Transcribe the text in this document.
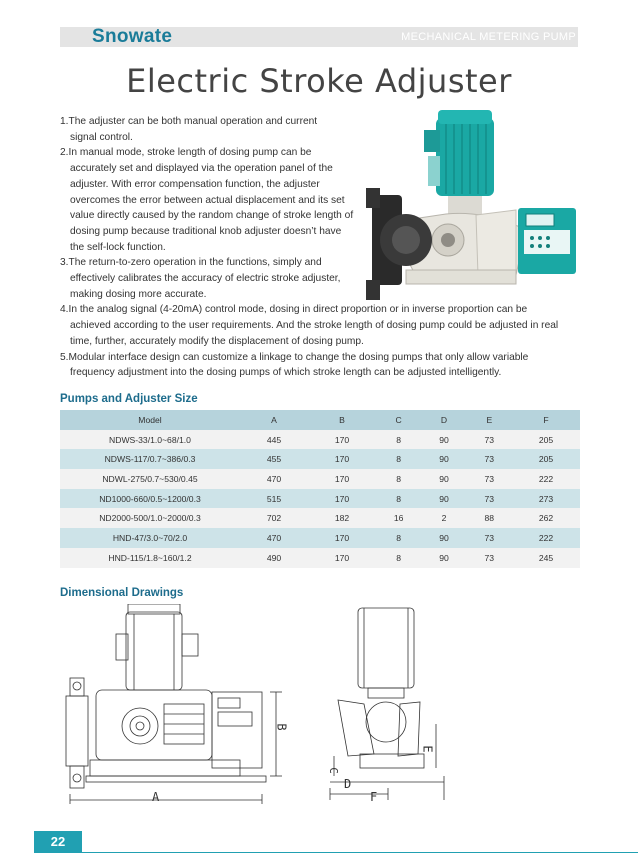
Snowate	MECHANICAL METERING PUMP
Electric Stroke Adjuster

1.The adjuster can be both manual operation and current signal control.

2.In manual mode, stroke length of dosing pump can be accurately set and displayed via the operation panel of the adjuster. With error compensation function, the adjuster overcomes the error between actual displacement and its set value directly caused by the random change of stroke length of dosing pump because traditional knob adjuster doesn’t have the self-lock function.

3.The return-to-zero operation in the functions, simply and effectively calibrates the accuracy of electric stroke adjuster, making dosing more accurate.

4.In the analog signal (4-20mA) control mode, dosing in direct proportion or in inverse proportion can be achieved according to the user requirements. And the stroke length of dosing pump could be adjusted in real time, further, accurately modify the displacement of dosing pump.

5.Modular interface design can customize a linkage to change the dosing pumps that only allow variable frequency adjustment into the dosing pumps of which stroke length can be adjusted intelligently.

Pumps and Adjuster Size
Model	A	B	C	D	E	F
NDWS-33/1.0~68/1.0	445	170	8	90	73	205
NDWS-117/0.7~386/0.3	455	170	8	90	73	205
NDWL-275/0.7~530/0.45	470	170	8	90	73	222
ND1000-660/0.5~1200/0.3	515	170	8	90	73	273
ND2000-500/1.0~2000/0.3	702	182	16	2	88	262
HND-47/3.0~70/2.0	470	170	8	90	73	222
HND-115/1.8~160/1.2	490	170	8	90	73	245
Dimensional Drawings
A
B
C
D
E
F
22
